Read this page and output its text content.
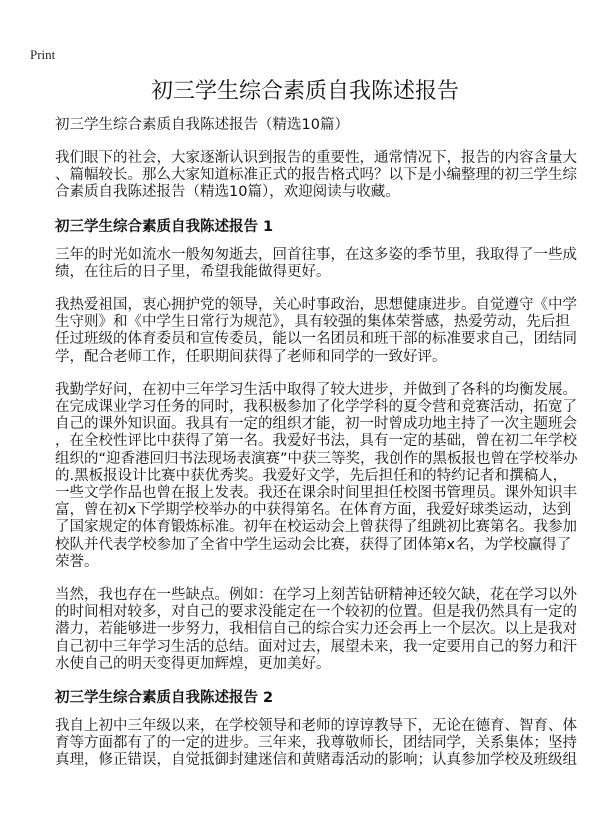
Print
初三学生综合素质自我陈述报告
初三学生综合素质自我陈述报告（精选10篇）
我们眼下的社会，大家逐渐认识到报告的重要性，通常情况下，报告的内容含量大
、篇幅较长。那么大家知道标准正式的报告格式吗？以下是小编整理的初三学生综
合素质自我陈述报告（精选10篇），欢迎阅读与收藏。
初三学生综合素质自我陈述报告 1
三年的时光如流水一般匆匆逝去，回首往事，在这多姿的季节里，我取得了一些成
绩，在往后的日子里，希望我能做得更好。
我热爱祖国，衷心拥护党的领导，关心时事政治，思想健康进步。自觉遵守《中学
生守则》和《中学生日常行为规范》，具有较强的集体荣誉感，热爱劳动，先后担
任过班级的体育委员和宣传委员，能以一名团员和班干部的标准要求自己，团结同
学，配合老师工作，任职期间获得了老师和同学的一致好评。
我勤学好问，在初中三年学习生活中取得了较大进步，并做到了各科的均衡发展。
在完成课业学习任务的同时，我积极参加了化学学科的夏令营和竞赛活动，拓宽了
自己的课外知识面。我具有一定的组织才能，初一时曾成功地主持了一次主题班会
，在全校性评比中获得了第一名。我爱好书法，具有一定的基础，曾在初二年学校
组织的“迎香港回归书法现场表演赛”中获三等奖，我创作的黑板报也曾在学校举办
的.黑板报设计比赛中获优秀奖。我爱好文学，先后担任和的特约记者和撰稿人，
一些文学作品也曾在报上发表。我还在课余时间里担任校图书管理员。课外知识丰
富，曾在初x下学期学校举办的中获得第名。在体育方面，我爱好球类运动，达到
了国家规定的体育锻炼标准。初年在校运动会上曾获得了组跳初比赛第名。我参加
校队并代表学校参加了全省中学生运动会比赛，获得了团体第x名，为学校赢得了
荣誉。
当然，我也存在一些缺点。例如：在学习上刻苦钻研精神还较欠缺，花在学习以外
的时间相对较多，对自己的要求没能定在一个较初的位置。但是我仍然具有一定的
潜力，若能够进一步努力，我相信自己的综合实力还会再上一个层次。以上是我对
自己初中三年学习生活的总结。面对过去，展望未来，我一定要用自己的努力和汗
水使自己的明天变得更加辉煌，更加美好。
初三学生综合素质自我陈述报告 2
我自上初中三年级以来，在学校领导和老师的谆谆教导下，无论在德育、智育、体
育等方面都有了的一定的进步。三年来，我尊敬师长，团结同学，关系集体；坚持
真理，修正错误，自觉抵御封建迷信和黄赌毒活动的影响；认真参加学校及班级组
